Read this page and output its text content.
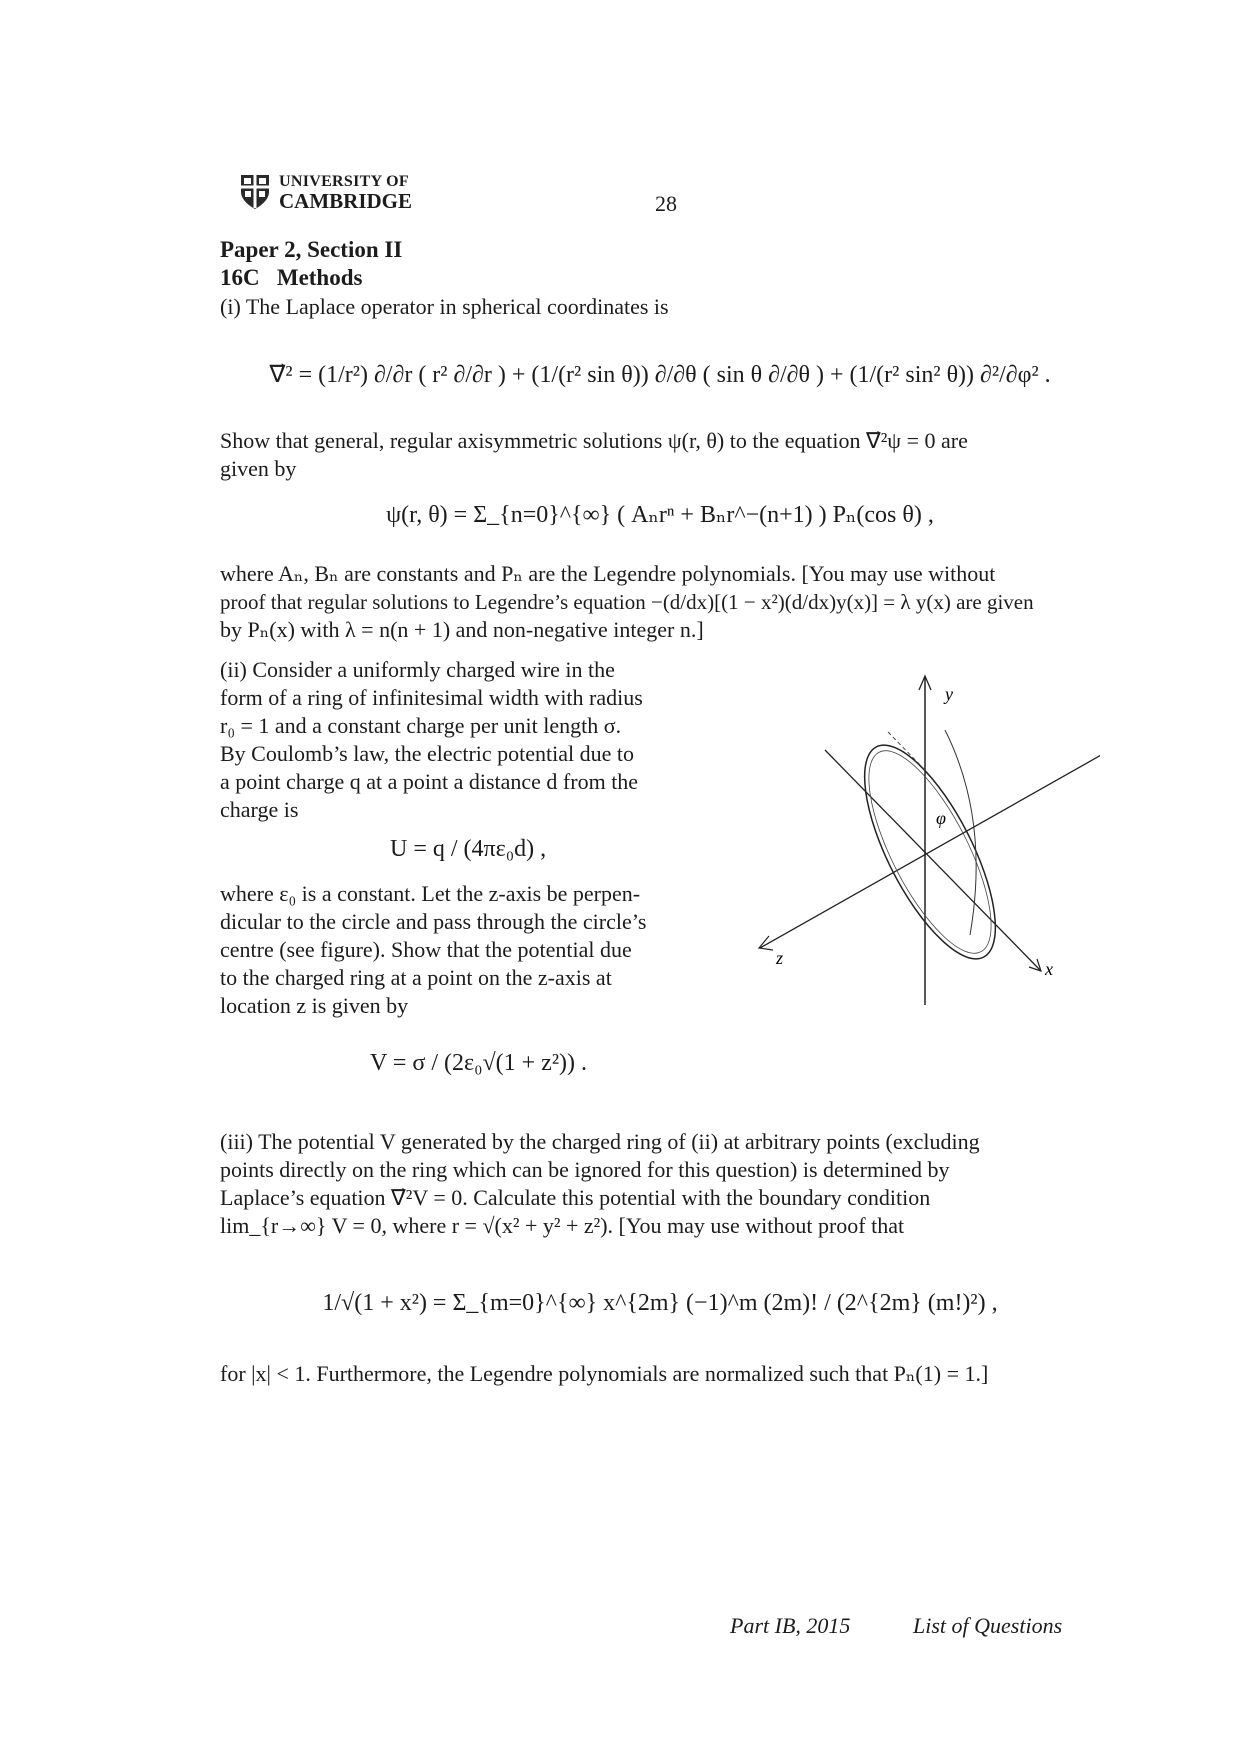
UNIVERSITY OF
CAMBRIDGE	28
Paper 2, Section II
16C   Methods
(i) The Laplace operator in spherical coordinates is
∇⃗² = (1/r²) ∂/∂r ( r² ∂/∂r ) + (1/(r² sin θ)) ∂/∂θ ( sin θ ∂/∂θ ) + (1/(r² sin² θ)) ∂²/∂φ² .
Show that general, regular axisymmetric solutions ψ(r, θ) to the equation ∇⃗²ψ = 0 are
given by
ψ(r, θ) = Σ_{n=0}^{∞} ( Aₙrⁿ + Bₙr^−(n+1) ) Pₙ(cos θ) ,
where Aₙ, Bₙ are constants and Pₙ are the Legendre polynomials. [You may use without
proof that regular solutions to Legendre’s equation −(d/dx)[(1 − x²)(d/dx)y(x)] = λ y(x) are given
by Pₙ(x) with λ = n(n + 1) and non-negative integer n.]
(ii) Consider a uniformly charged wire in the
form of a ring of infinitesimal width with radius
r₀ = 1 and a constant charge per unit length σ.
By Coulomb’s law, the electric potential due to
a point charge q at a point a distance d from the
charge is
U = q / (4πε₀d) ,
where ε₀ is a constant. Let the z-axis be perpen-
dicular to the circle and pass through the circle’s
centre (see figure). Show that the potential due
to the charged ring at a point on the z-axis at
location z is given by
V = σ / (2ε₀√(1 + z²)) .
y
x
z
φ
(iii) The potential V generated by the charged ring of (ii) at arbitrary points (excluding
points directly on the ring which can be ignored for this question) is determined by
Laplace’s equation ∇⃗²V = 0. Calculate this potential with the boundary condition
lim_{r→∞} V = 0, where r = √(x² + y² + z²). [You may use without proof that
1/√(1 + x²) = Σ_{m=0}^{∞} x^{2m} (−1)^m (2m)! / (2^{2m} (m!)²) ,
for |x| < 1. Furthermore, the Legendre polynomials are normalized such that Pₙ(1) = 1.]
Part IB, 2015	List of Questions
